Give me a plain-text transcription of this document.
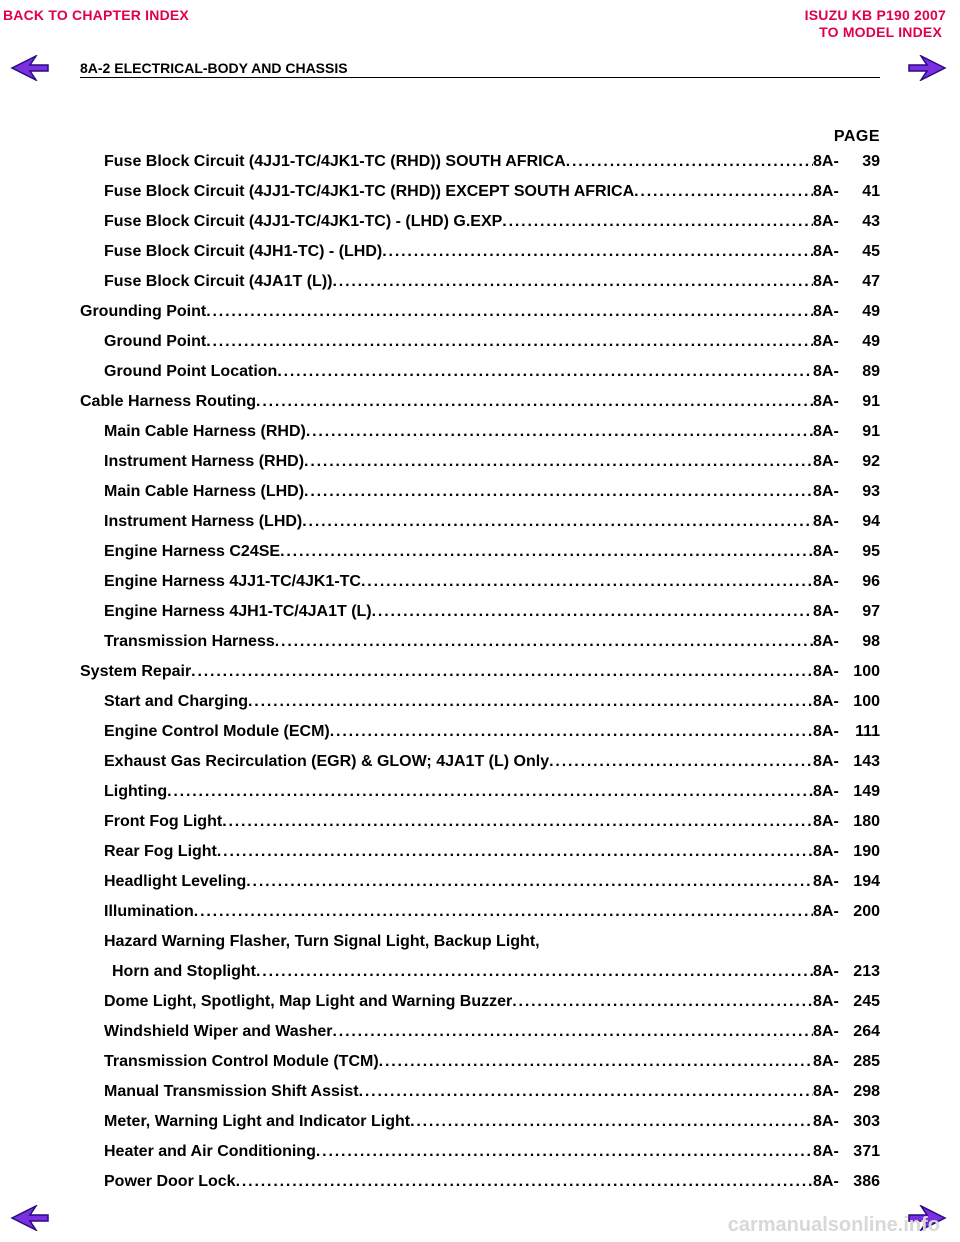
BACK TO CHAPTER INDEX	ISUZU KB P190 2007
TO MODEL INDEX
8A-2 ELECTRICAL-BODY AND CHASSIS
PAGE
Fuse Block Circuit (4JJ1-TC/4JK1-TC (RHD)) SOUTH AFRICA . . .	8A- 39
Fuse Block Circuit (4JJ1-TC/4JK1-TC (RHD)) EXCEPT SOUTH AFRICA . . .	8A- 41
Fuse Block Circuit (4JJ1-TC/4JK1-TC) - (LHD) G.EXP . . .	8A- 43
Fuse Block Circuit (4JH1-TC) - (LHD) . . .	8A- 45
Fuse Block Circuit (4JA1T (L)) . . .	8A- 47
Grounding Point . . .	8A- 49
Ground Point . . .	8A- 49
Ground Point Location . . .	8A- 89
Cable Harness Routing . . .	8A- 91
Main Cable Harness (RHD) . . .	8A- 91
Instrument Harness (RHD) . . .	8A- 92
Main Cable Harness (LHD) . . .	8A- 93
Instrument Harness (LHD) . . .	8A- 94
Engine Harness C24SE . . .	8A- 95
Engine Harness 4JJ1-TC/4JK1-TC . . .	8A- 96
Engine Harness 4JH1-TC/4JA1T (L) . . .	8A- 97
Transmission Harness . . .	8A- 98
System Repair . . .	8A- 100
Start and Charging . . .	8A- 100
Engine Control Module (ECM) . . .	8A- 111
Exhaust Gas Recirculation (EGR) & GLOW; 4JA1T (L) Only . . .	8A- 143
Lighting . . .	8A- 149
Front Fog Light . . .	8A- 180
Rear Fog Light . . .	8A- 190
Headlight Leveling . . .	8A- 194
Illumination . . .	8A- 200
Hazard Warning Flasher, Turn Signal Light, Backup Light,
Horn and Stoplight . . .	8A- 213
Dome Light, Spotlight, Map Light and Warning Buzzer . . .	8A- 245
Windshield Wiper and Washer . . .	8A- 264
Transmission Control Module (TCM) . . .	8A- 285
Manual Transmission Shift Assist . . .	8A- 298
Meter, Warning Light and Indicator Light . . .	8A- 303
Heater and Air Conditioning . . .	8A- 371
Power Door Lock . . .	8A- 386
carmanualsonline.info
